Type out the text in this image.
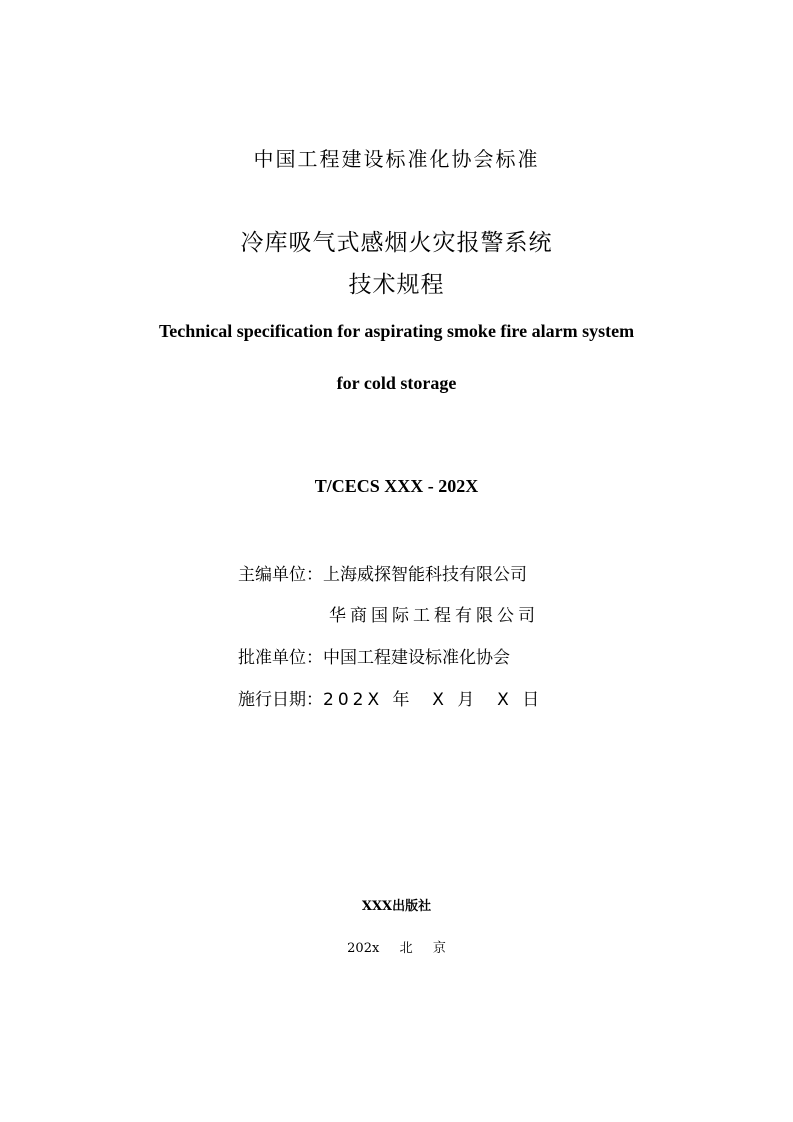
中国工程建设标准化协会标准
冷库吸气式感烟火灾报警系统
技术规程
Technical specification for aspirating smoke fire alarm system
for cold storage
T/CECS XXX - 202X
主编单位：上海威探智能科技有限公司
华商国际工程有限公司
批准单位：中国工程建设标准化协会
施行日期：202X 年  X 月  X 日
XXX出版社
202x  北  京
